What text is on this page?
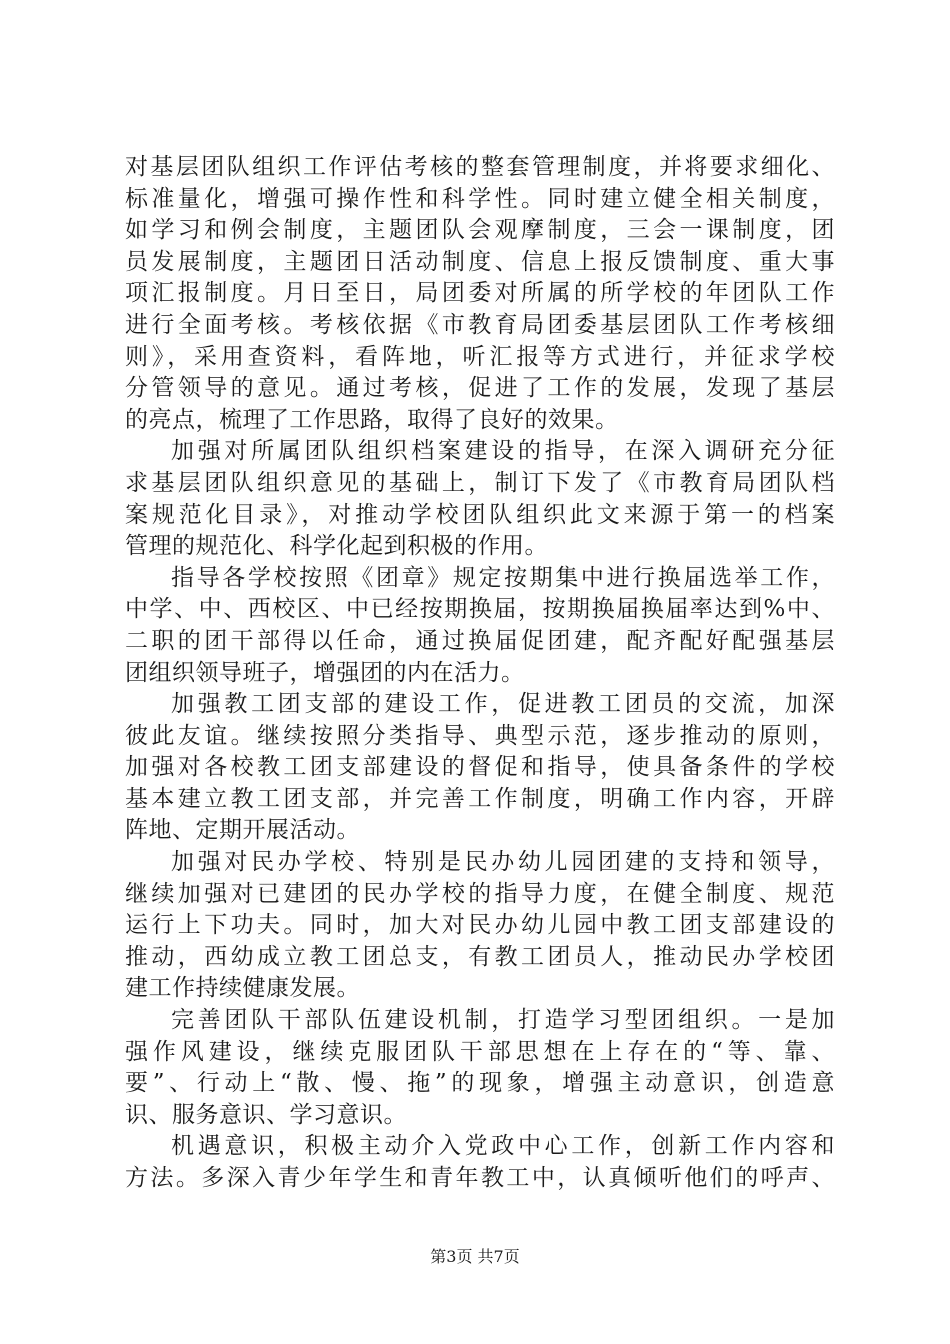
对基层团队组织工作评估考核的整套管理制度，并将要求细化、
标准量化，增强可操作性和科学性。同时建立健全相关制度，
如学习和例会制度，主题团队会观摩制度，三会一课制度，团
员发展制度，主题团日活动制度、信息上报反馈制度、重大事
项汇报制度。月日至日，局团委对所属的所学校的年团队工作
进行全面考核。考核依据《市教育局团委基层团队工作考核细
则》，采用查资料，看阵地，听汇报等方式进行，并征求学校
分管领导的意见。通过考核，促进了工作的发展，发现了基层
的亮点，梳理了工作思路，取得了良好的效果。
加强对所属团队组织档案建设的指导，在深入调研充分征
求基层团队组织意见的基础上，制订下发了《市教育局团队档
案规范化目录》，对推动学校团队组织此文来源于第一的档案
管理的规范化、科学化起到积极的作用。
指导各学校按照《团章》规定按期集中进行换届选举工作，
中学、中、西校区、中已经按期换届，按期换届换届率达到%中、
二职的团干部得以任命，通过换届促团建，配齐配好配强基层
团组织领导班子，增强团的内在活力。
加强教工团支部的建设工作，促进教工团员的交流，加深
彼此友谊。继续按照分类指导、典型示范，逐步推动的原则，
加强对各校教工团支部建设的督促和指导，使具备条件的学校
基本建立教工团支部，并完善工作制度，明确工作内容，开辟
阵地、定期开展活动。
加强对民办学校、特别是民办幼儿园团建的支持和领导，
继续加强对已建团的民办学校的指导力度，在健全制度、规范
运行上下功夫。同时，加大对民办幼儿园中教工团支部建设的
推动，西幼成立教工团总支，有教工团员人，推动民办学校团
建工作持续健康发展。
完善团队干部队伍建设机制，打造学习型团组织。一是加
强作风建设，继续克服团队干部思想在上存在的“等、靠、
要”、行动上“散、慢、拖”的现象，增强主动意识，创造意
识、服务意识、学习意识。
机遇意识，积极主动介入党政中心工作，创新工作内容和
方法。多深入青少年学生和青年教工中，认真倾听他们的呼声、
第3页 共7页
